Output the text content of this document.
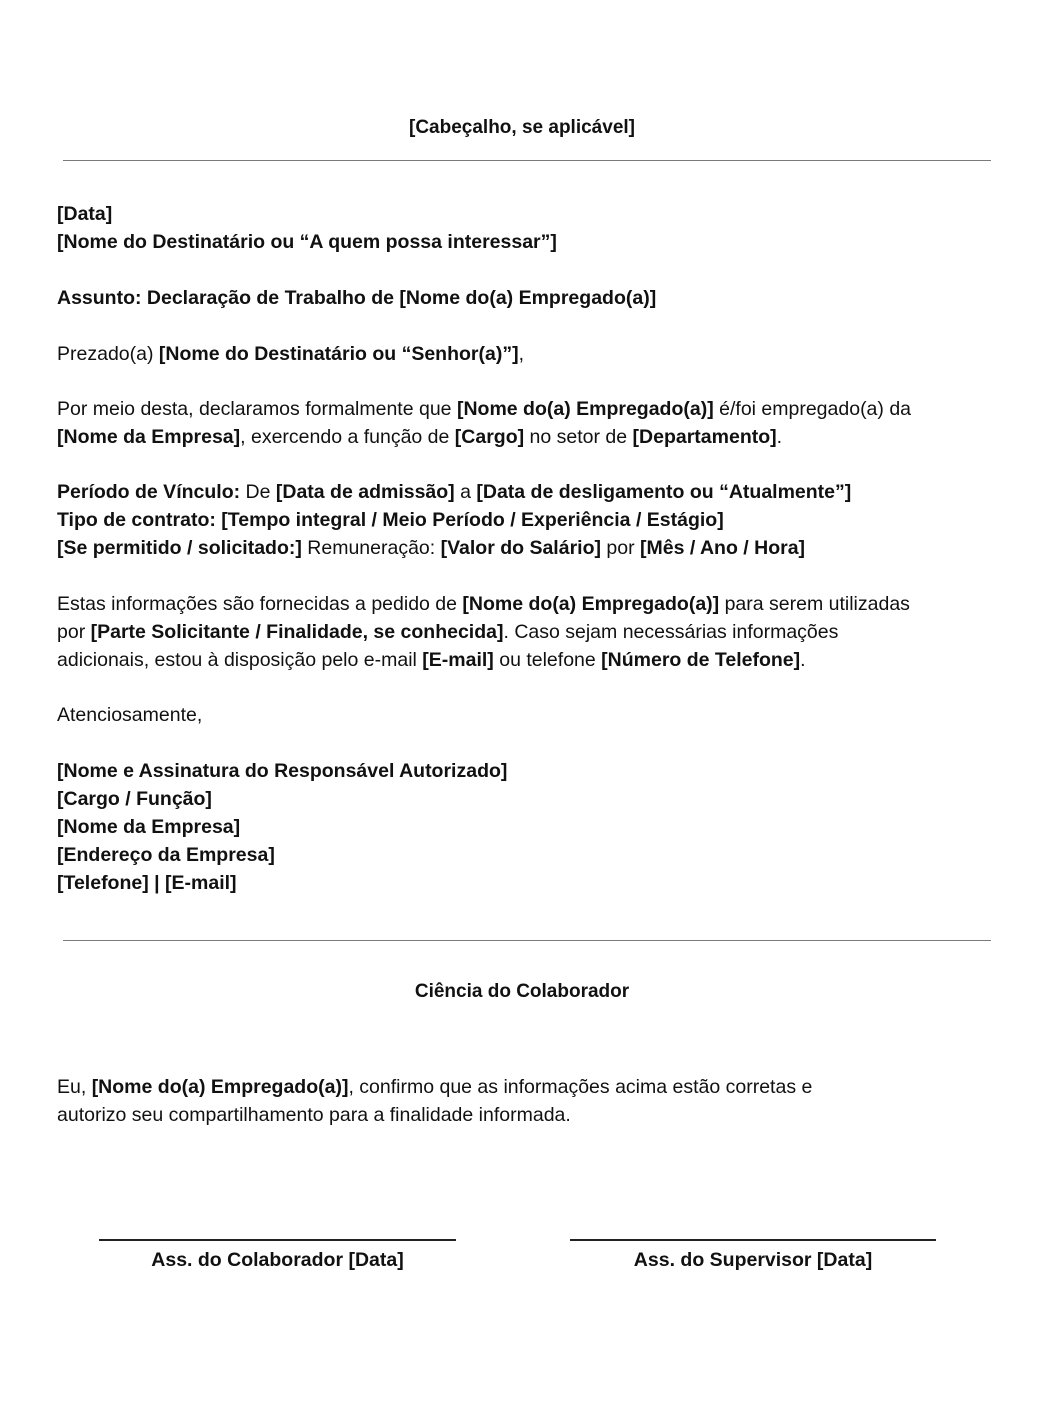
[Cabeçalho, se aplicável]
[Data]
[Nome do Destinatário ou “A quem possa interessar”]
Assunto: Declaração de Trabalho de [Nome do(a) Empregado(a)]
Prezado(a) [Nome do Destinatário ou “Senhor(a)”],
Por meio desta, declaramos formalmente que [Nome do(a) Empregado(a)] é/foi empregado(a) da
[Nome da Empresa], exercendo a função de [Cargo] no setor de [Departamento].
Período de Vínculo: De [Data de admissão] a [Data de desligamento ou “Atualmente”]
Tipo de contrato: [Tempo integral / Meio Período / Experiência / Estágio]
[Se permitido / solicitado:] Remuneração: [Valor do Salário] por [Mês / Ano / Hora]
Estas informações são fornecidas a pedido de [Nome do(a) Empregado(a)] para serem utilizadas
por [Parte Solicitante / Finalidade, se conhecida]. Caso sejam necessárias informações
adicionais, estou à disposição pelo e-mail [E-mail] ou telefone [Número de Telefone].
Atenciosamente,
[Nome e Assinatura do Responsável Autorizado]
[Cargo / Função]
[Nome da Empresa]
[Endereço da Empresa]
[Telefone] | [E-mail]
Ciência do Colaborador
Eu, [Nome do(a) Empregado(a)], confirmo que as informações acima estão corretas e
autorizo seu compartilhamento para a finalidade informada.
Ass. do Colaborador [Data]	Ass. do Supervisor [Data]
